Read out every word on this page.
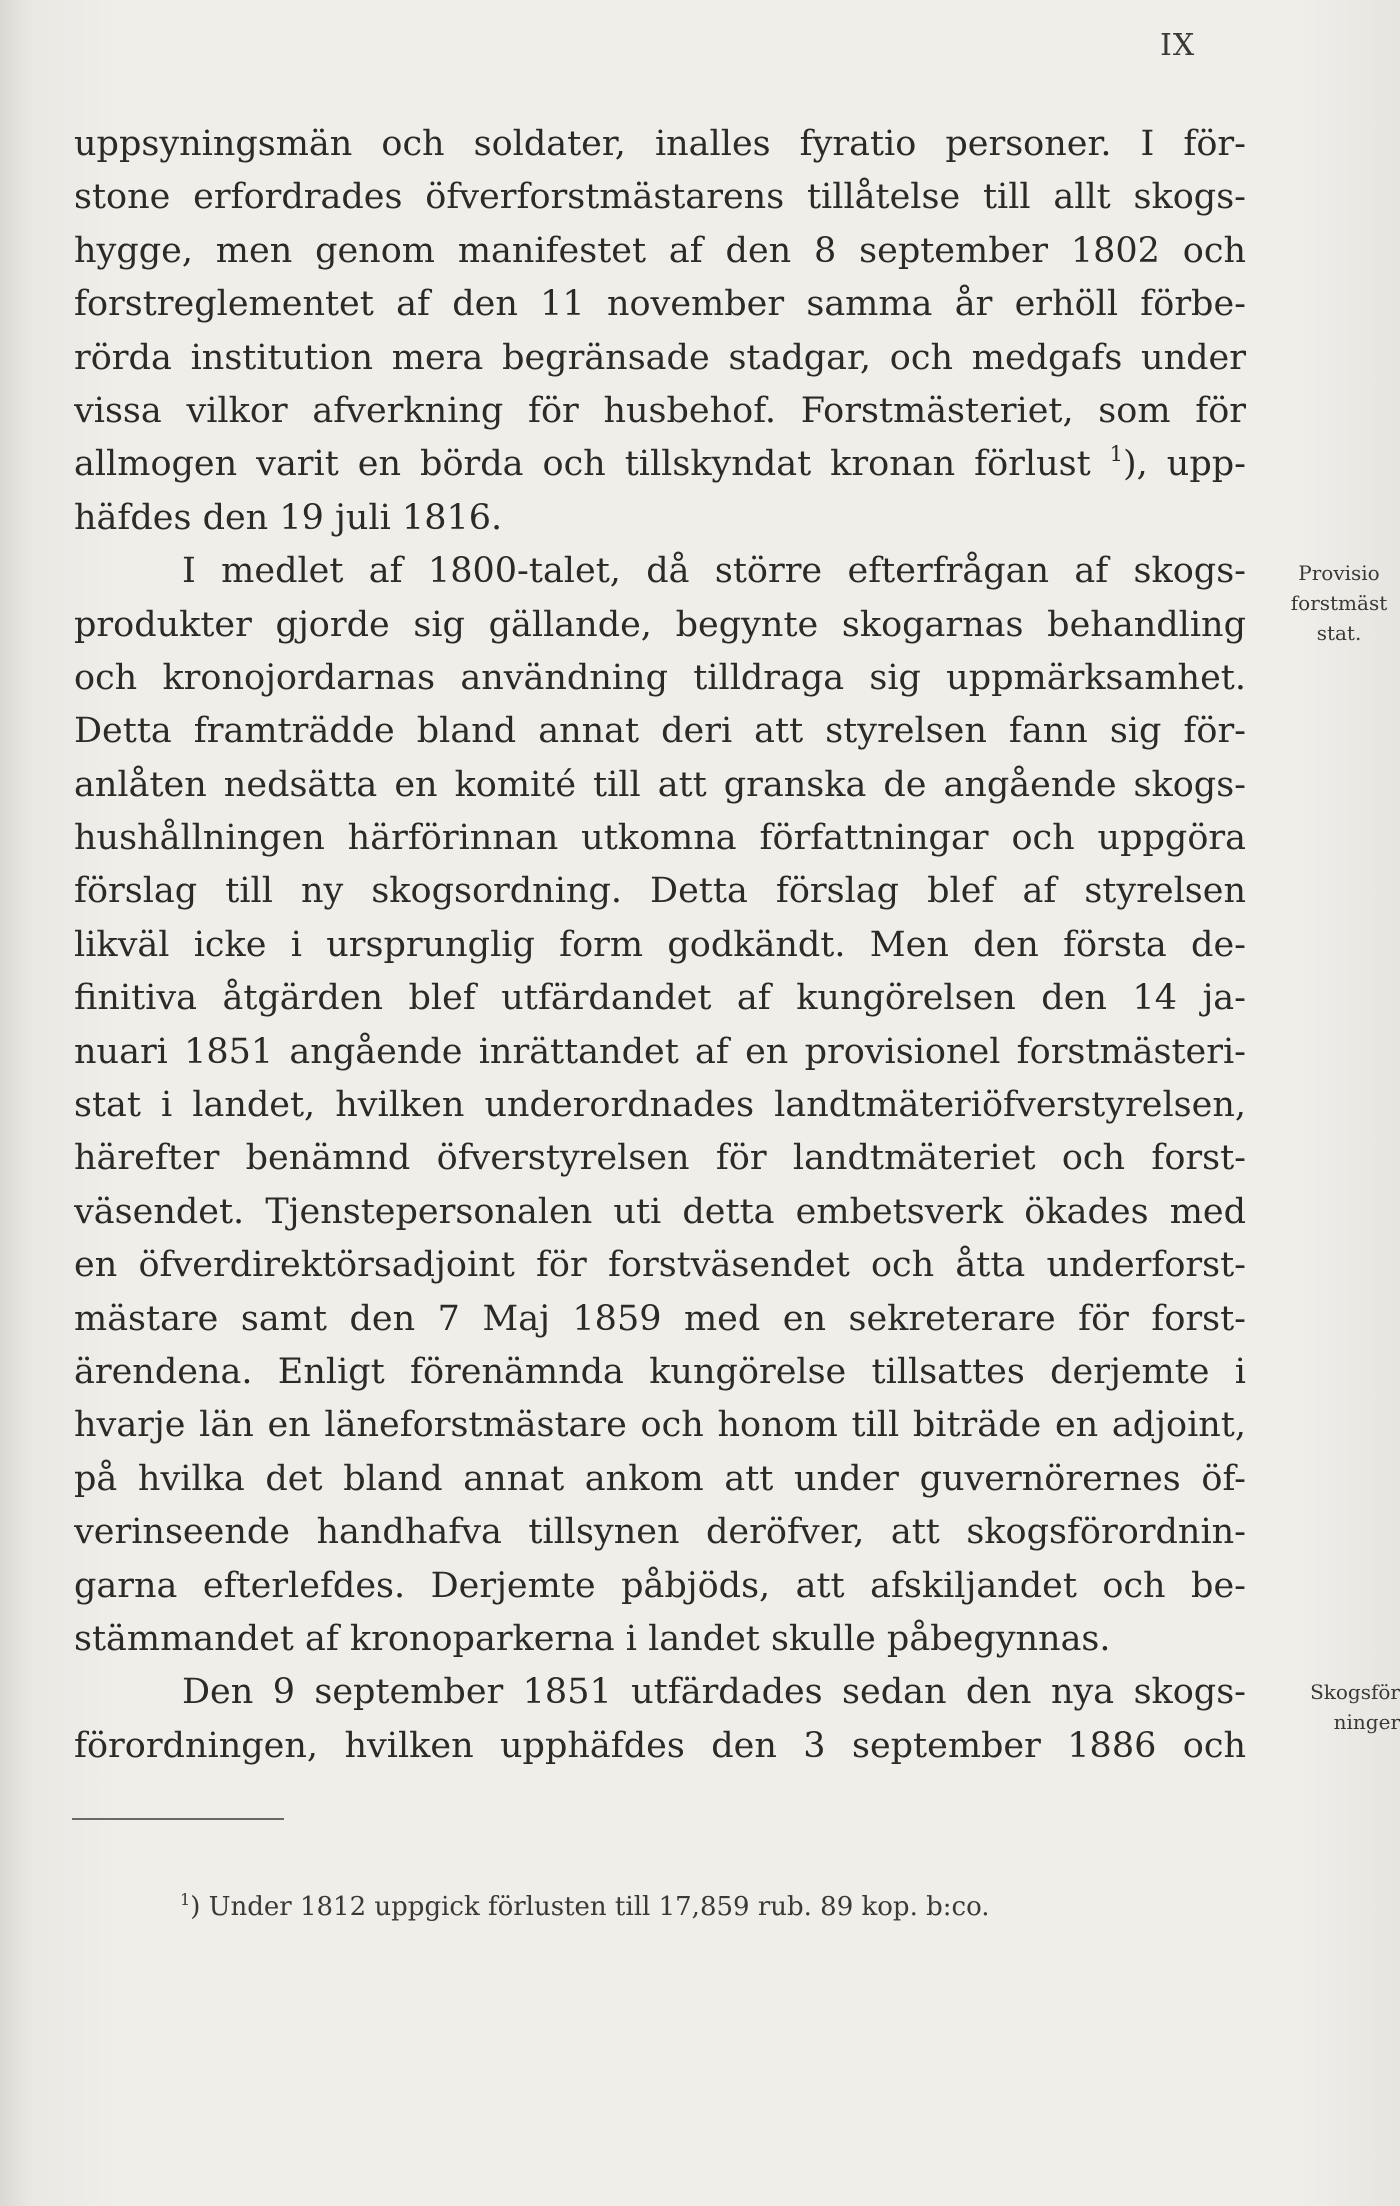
IX
uppsyningsmän och soldater, inalles fyratio personer. I för-
stone erfordrades öfverforstmästarens tillåtelse till allt skogs-
hygge, men genom manifestet af den 8 september 1802 och
forstreglementet af den 11 november samma år erhöll förbe-
rörda institution mera begränsade stadgar, och medgafs under
vissa vilkor afverkning för husbehof. Forstmästeriet, som för
allmogen varit en börda och tillskyndat kronan förlust $^1$), upp-
häfdes den 19 juli 1816.
I medlet af 1800-talet, då större efterfrågan af skogs-
produkter gjorde sig gällande, begynte skogarnas behandling
och kronojordarnas användning tilldraga sig uppmärksamhet.
Detta framträdde bland annat deri att styrelsen fann sig för-
anlåten nedsätta en komité till att granska de angående skogs-
hushållningen härförinnan utkomna författningar och uppgöra
förslag till ny skogsordning. Detta förslag blef af styrelsen
likväl icke i ursprunglig form godkändt. Men den första de-
finitiva åtgärden blef utfärdandet af kungörelsen den 14 ja-
nuari 1851 angående inrättandet af en provisionel forstmästeri-
stat i landet, hvilken underordnades landtmäteriöfverstyrelsen,
härefter benämnd öfverstyrelsen för landtmäteriet och forst-
väsendet. Tjenstepersonalen uti detta embetsverk ökades med
en öfverdirektörsadjoint för forstväsendet och åtta underforst-
mästare samt den 7 Maj 1859 med en sekreterare för forst-
ärendena. Enligt förenämnda kungörelse tillsattes derjemte i
hvarje län en läneforstmästare och honom till biträde en adjoint,
på hvilka det bland annat ankom att under guvernörernes öf-
verinseende handhafva tillsynen deröfver, att skogsförordnin-
garna efterlefdes. Derjemte påbjöds, att afskiljandet och be-
stämmandet af kronoparkerna i landet skulle påbegynnas.
Den 9 september 1851 utfärdades sedan den nya skogs-
förordningen, hvilken upphäfdes den 3 september 1886 och
Provisio
forstmäst
stat.
Skogsför
ninger
$^1$) Under 1812 uppgick förlusten till 17,859 rub. 89 kop. b:co.
